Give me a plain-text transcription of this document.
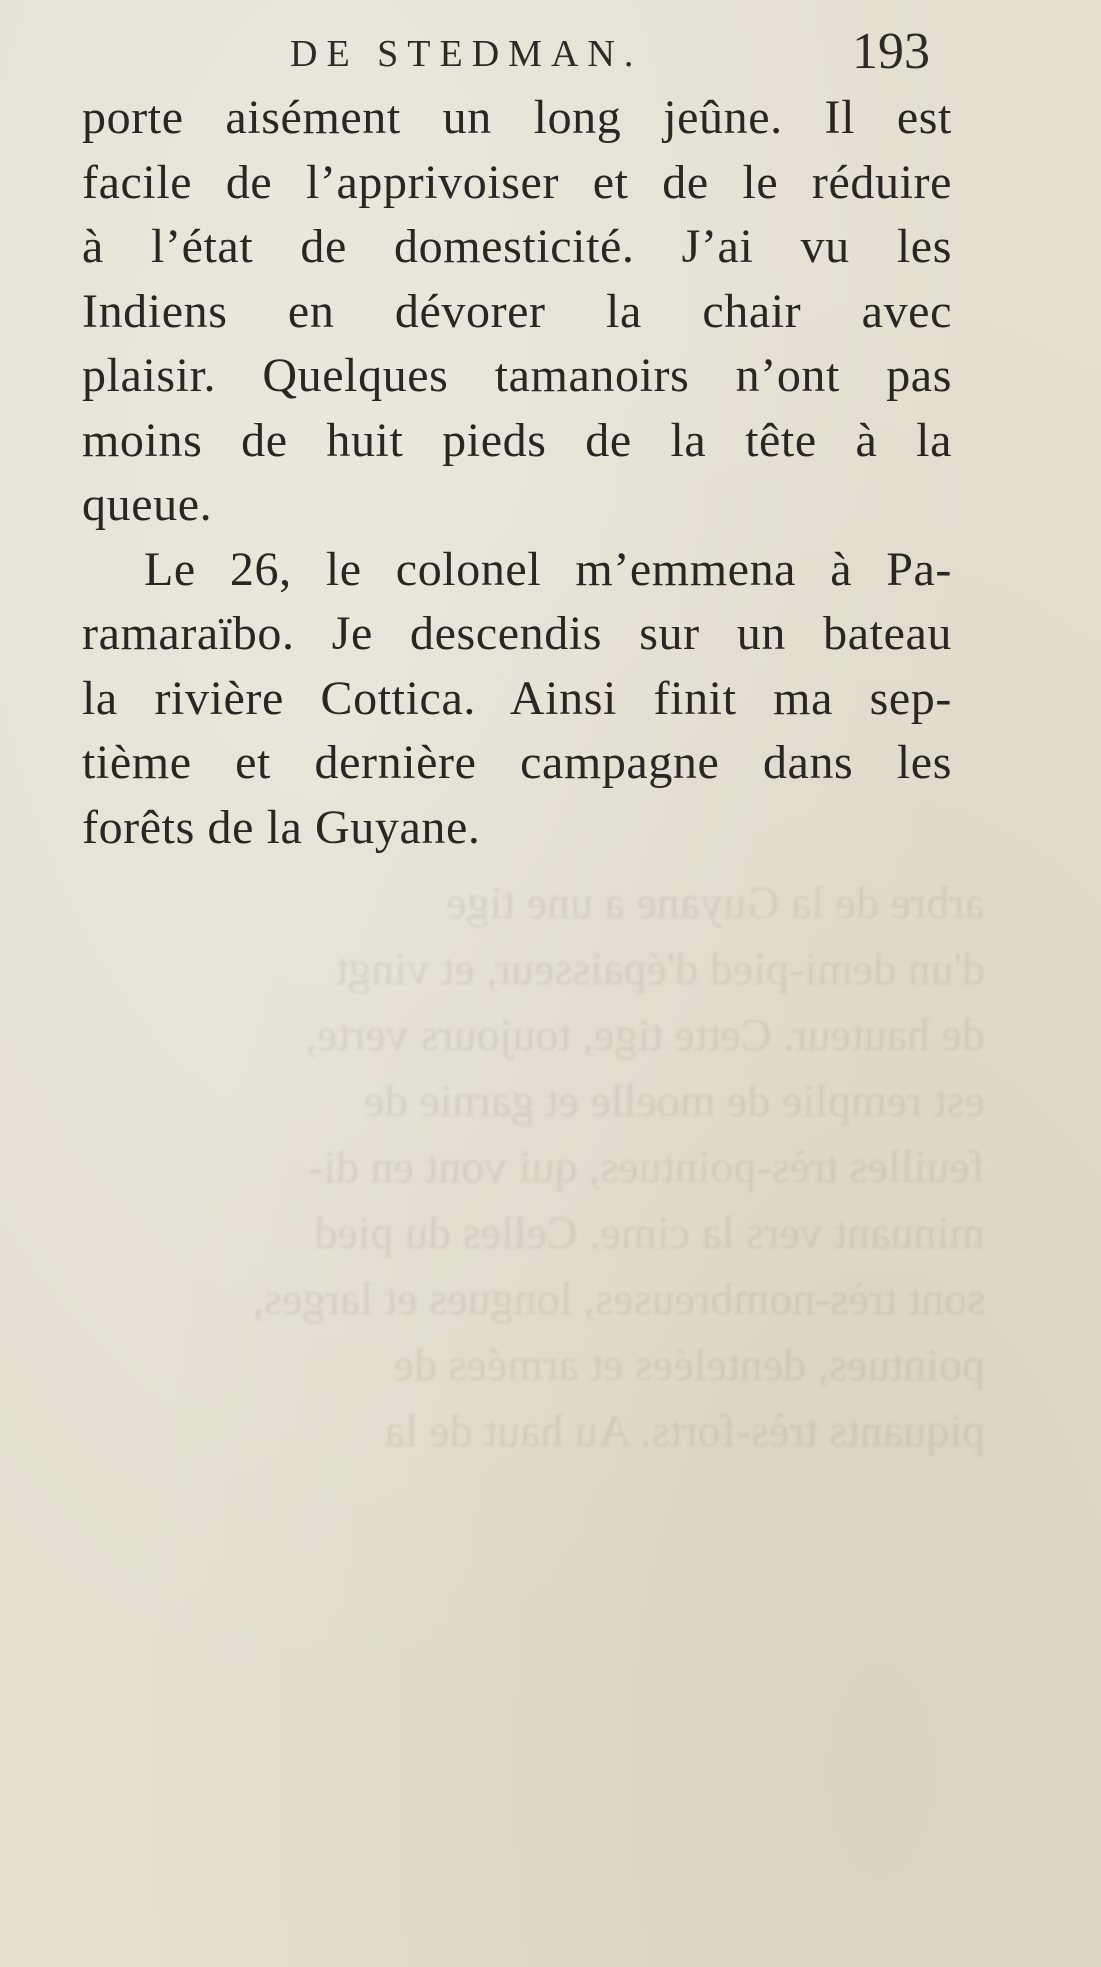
arbre de la Guyane a une tige
d'un demi-pied d'épaisseur, et vingt
de hauteur. Cette tige, toujours verte,
est remplie de moelle et garnie de
feuilles très-pointues, qui vont en di-
minuant vers la cime. Celles du pied
sont très-nombreuses, longues et larges,
pointues, dentelées et armées de
piquants très-forts. Au haut de la
DE STEDMAN.	193
porte aisément un long jeûne. Il est
facile de l’apprivoiser et de le réduire
à l’état de domesticité. J’ai vu les
Indiens en dévorer la chair avec
plaisir. Quelques tamanoirs n’ont pas
moins de huit pieds de la tête à la
queue.
Le 26, le colonel m’emmena à Pa-
ramaraïbo. Je descendis sur un bateau
la rivière Cottica. Ainsi finit ma sep-
tième et dernière campagne dans les
forêts de la Guyane.
